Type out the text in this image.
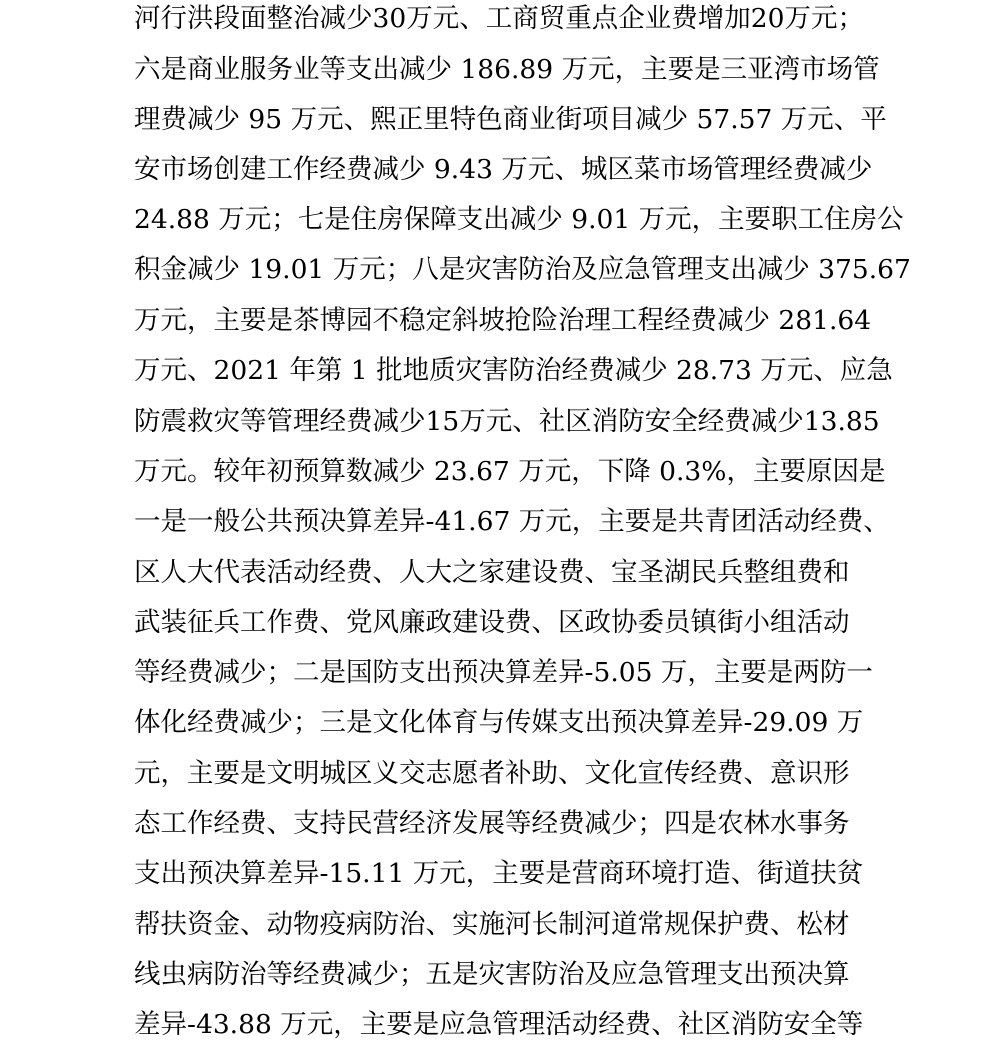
河行洪段面整治减少30万元、工商贸重点企业费增加20万元；
六是商业服务业等支出减少 186.89 万元，主要是三亚湾市场管
理费减少 95 万元、熙正里特色商业街项目减少 57.57 万元、平
安市场创建工作经费减少 9.43 万元、城区菜市场管理经费减少
24.88 万元；七是住房保障支出减少 9.01 万元，主要职工住房公
积金减少 19.01 万元；八是灾害防治及应急管理支出减少 375.67
万元，主要是茶博园不稳定斜坡抢险治理工程经费减少 281.64
万元、2021 年第 1 批地质灾害防治经费减少 28.73 万元、应急
防震救灾等管理经费减少15万元、社区消防安全经费减少13.85
万元。较年初预算数减少 23.67 万元，下降 0.3%，主要原因是
一是一般公共预决算差异-41.67 万元，主要是共青团活动经费、
区人大代表活动经费、人大之家建设费、宝圣湖民兵整组费和
武装征兵工作费、党风廉政建设费、区政协委员镇街小组活动
等经费减少；二是国防支出预决算差异-5.05 万，主要是两防一
体化经费减少；三是文化体育与传媒支出预决算差异-29.09 万
元，主要是文明城区义交志愿者补助、文化宣传经费、意识形
态工作经费、支持民营经济发展等经费减少；四是农林水事务
支出预决算差异-15.11 万元，主要是营商环境打造、街道扶贫
帮扶资金、动物疫病防治、实施河长制河道常规保护费、松材
线虫病防治等经费减少；五是灾害防治及应急管理支出预决算
差异-43.88 万元，主要是应急管理活动经费、社区消防安全等
